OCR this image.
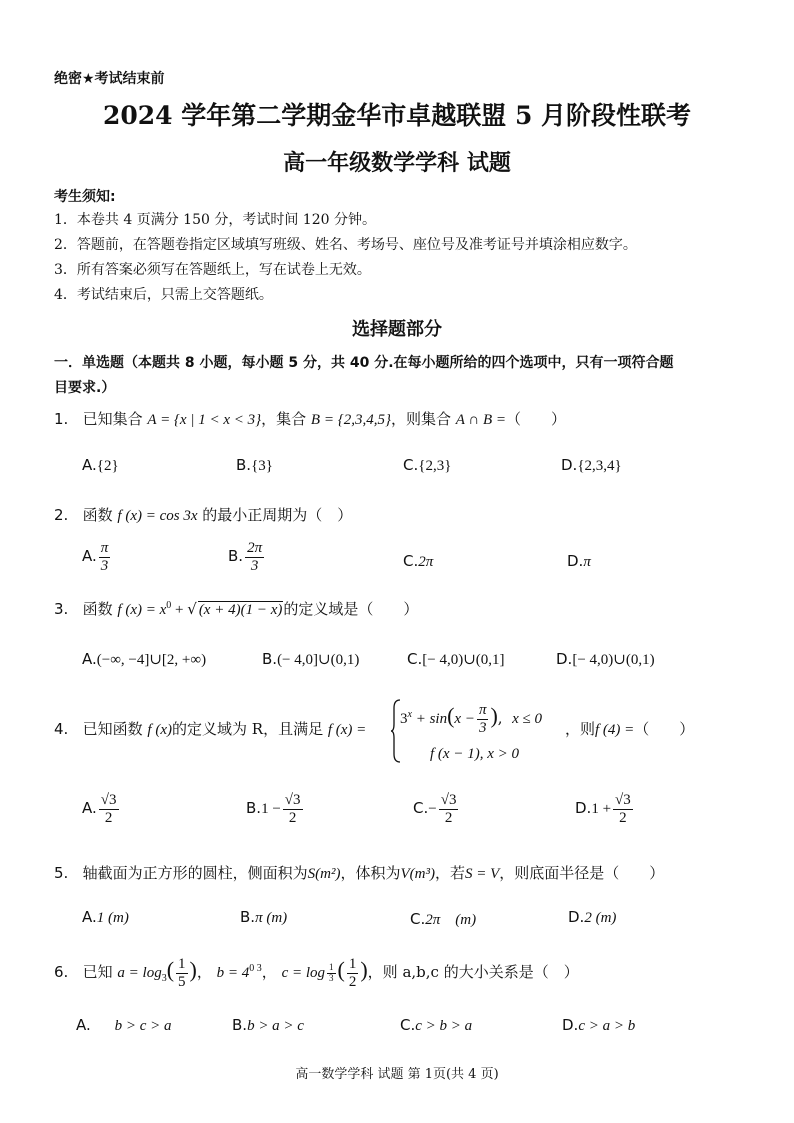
绝密★考试结束前
2024 学年第二学期金华市卓越联盟 5 月阶段性联考
高一年级数学学科 试题
考生须知:
1．本卷共 4 页满分 150 分，考试时间 120 分钟。
2．答题前，在答题卷指定区域填写班级、姓名、考场号、座位号及准考证号并填涂相应数字。
3．所有答案必须写在答题纸上，写在试卷上无效。
4．考试结束后，只需上交答题纸。
选择题部分
一．单选题（本题共 8 小题，每小题 5 分，共 40 分.在每小题所给的四个选项中，只有一项符合题
目要求.）
1. 已知集合 A = {x | 1 < x < 3}，集合 B = {2,3,4,5}，则集合 A ∩ B =（　　）
A.{2}	B.{3}	C.{2,3}	D.{2,3,4}
2. 函数 f (x) = cos 3x 的最小正周期为（　）
A. $\frac{\pi}{3}$	B. $\frac{2\pi}{3}$	C.2π	D.π
3. 函数 f $(x) = x^0$ + √ (x + 4)(1 − x)的定义域是（　　）
A.(−∞, −4]∪[2, +∞)	B.(− 4,0]∪(0,1)	C.[− 4,0)∪(0,1]	D.[− 4,0)∪(0,1)
4. 已知函数 f (x)的定义域为 R，且满足 f (x) =
$3^x + \sin(x - \frac{\pi}{3}$ ),  x ≤ 0
f (x − 1), x > 0
，则f (4) =（　　）
A. $\frac{√3}{2}$	$B.1 - \frac{√3}{2}$	$C.- \frac{√3}{2}$	$D.1 + \frac{√3}{2}$
5. 轴截面为正方形的圆柱，侧面积为S(m²)，体积为V(m³)，若S = V，则底面半径是（　　）
A.1 (m)	B.π (m)	C.2π　(m)	D.2 (m)
6. 已知 $a = \log_3( \frac{1}{5}$ )， $b = 4^{0 3}$， $c = \log \frac{1}{3}$ ( $\frac{1}{2}$ )，则 a,b,c 的大小关系是（　）
A. b > c > a	B.b > a > c	C.c > b > a	D.c > a > b
高一数学学科 试题 第 1页(共 4 页)
